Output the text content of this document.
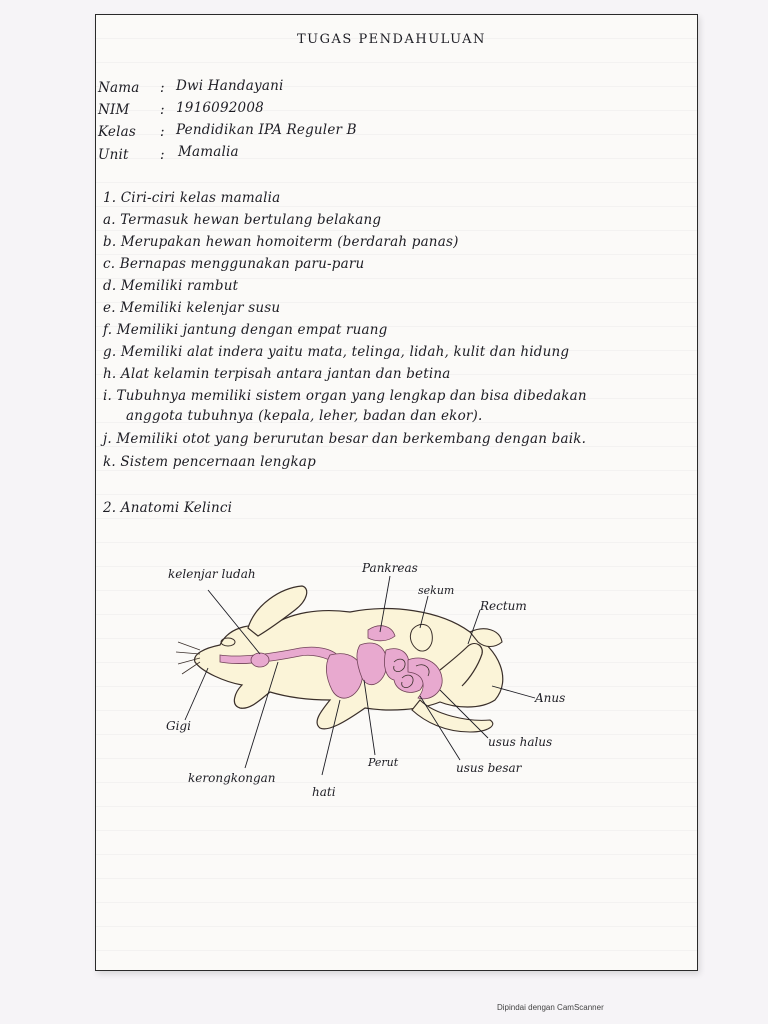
TUGAS PENDAHULUAN
Nama : Dwi Handayani
NIM : 1916092008
Kelas : Pendidikan IPA Reguler B
Unit : Mamalia
1. Ciri-ciri kelas mamalia
a. Termasuk hewan bertulang belakang
b. Merupakan hewan homoiterm (berdarah panas)
c. Bernapas menggunakan paru-paru
d. Memiliki rambut
e. Memiliki kelenjar susu
f. Memiliki jantung dengan empat ruang
g. Memiliki alat indera yaitu mata, telinga, lidah, kulit dan hidung
h. Alat kelamin terpisah antara jantan dan betina
i. Tubuhnya memiliki sistem organ yang lengkap dan bisa dibedakan
anggota tubuhnya (kepala, leher, badan dan ekor).
j. Memiliki otot yang berurutan besar dan berkembang dengan baik.
k. Sistem pencernaan lengkap
2. Anatomi Kelinci
kelenjar ludah	Pankreas
sekum
Rectum
Anus
usus halus
usus besar
Perut
hati
kerongkongan
Gigi
Dipindai dengan CamScanner
